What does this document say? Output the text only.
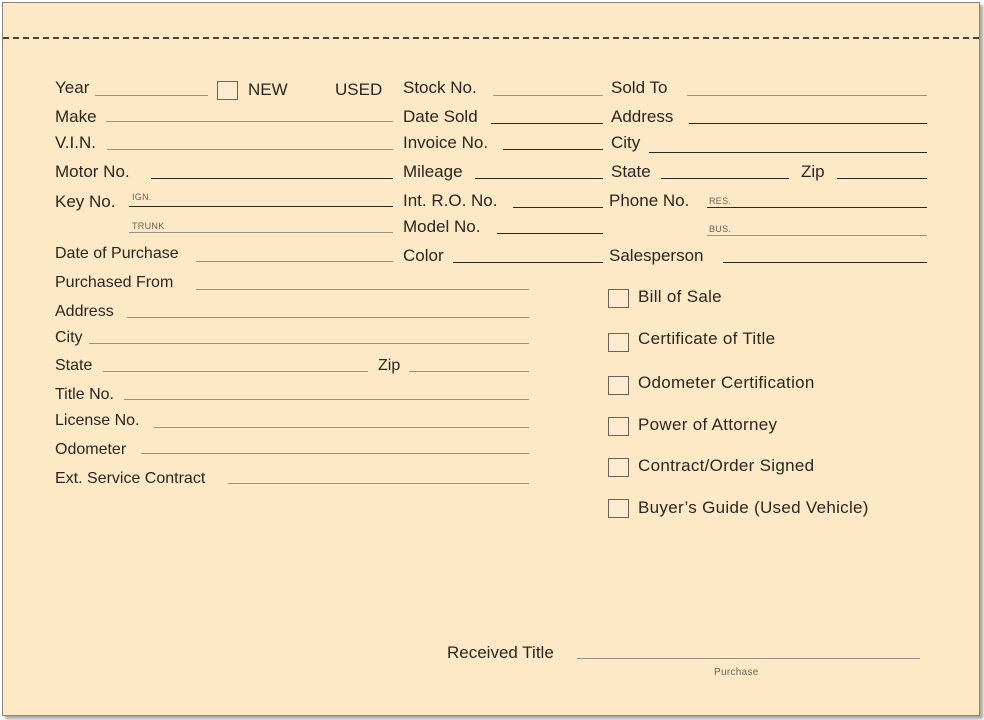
Year	NEW	USED
Make
V.I.N.
Motor No.
Key No. IGN.
TRUNK
Date of Purchase
Stock No.
Date Sold
Invoice No.
Mileage
Int. R.O. No.
Model No.
Color
Sold To
Address
City
State	Zip
Phone No. RES.
BUS.
Salesperson
Purchased From
Address
City
State	Zip
Title No.
License No.
Odometer
Ext. Service Contract
Bill of Sale
Certificate of Title
Odometer Certification
Power of Attorney
Contract/Order Signed
Buyer’s Guide (Used Vehicle)
Received Title
Purchase
